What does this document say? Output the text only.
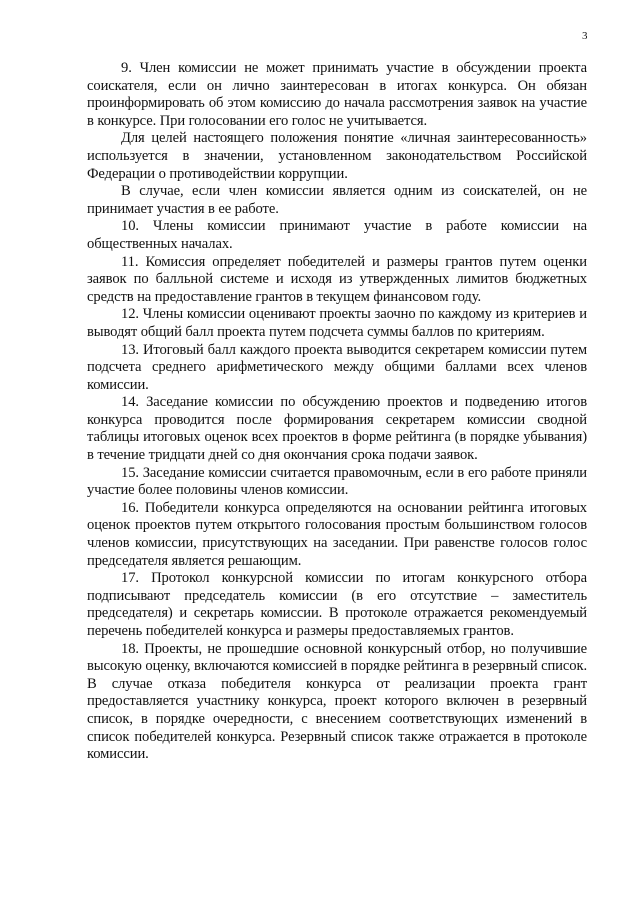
3

9. Член комиссии не может принимать участие в обсуждении проекта соискателя, если он лично заинтересован в итогах конкурса. Он обязан проинформировать об этом комиссию до начала рассмотрения заявок на участие в конкурсе. При голосовании его голос не учитывается.

Для целей настоящего положения понятие «личная заинтересованность» используется в значении, установленном законодательством Российской Федерации о противодействии коррупции.

В случае, если член комиссии является одним из соискателей, он не принимает участия в ее работе.

10. Члены комиссии принимают участие в работе комиссии на общественных началах.

11. Комиссия определяет победителей и размеры грантов путем оценки заявок по балльной системе и исходя из утвержденных лимитов бюджетных средств на предоставление грантов в текущем финансовом году.

12. Члены комиссии оценивают проекты заочно по каждому из критериев и выводят общий балл проекта путем подсчета суммы баллов по критериям.

13. Итоговый балл каждого проекта выводится секретарем комиссии путем подсчета среднего арифметического между общими баллами всех членов комиссии.

14. Заседание комиссии по обсуждению проектов и подведению итогов конкурса проводится после формирования секретарем комиссии сводной таблицы итоговых оценок всех проектов в форме рейтинга (в порядке убывания) в течение тридцати дней со дня окончания срока подачи заявок.

15. Заседание комиссии считается правомочным, если в его работе приняли участие более половины членов комиссии.

16. Победители конкурса определяются на основании рейтинга итоговых оценок проектов путем открытого голосования простым большинством голосов членов комиссии, присутствующих на заседании. При равенстве голосов голос председателя является решающим.

17. Протокол конкурсной комиссии по итогам конкурсного отбора подписывают председатель комиссии (в его отсутствие – заместитель председателя) и секретарь комиссии. В протоколе отражается рекомендуемый перечень победителей конкурса и размеры предоставляемых грантов.

18. Проекты, не прошедшие основной конкурсный отбор, но получившие высокую оценку, включаются комиссией в порядке рейтинга в резервный список. В случае отказа победителя конкурса от реализации проекта грант предоставляется участнику конкурса, проект которого включен в резервный список, в порядке очередности, с внесением соответствующих изменений в список победителей конкурса. Резервный список также отражается в протоколе комиссии.
